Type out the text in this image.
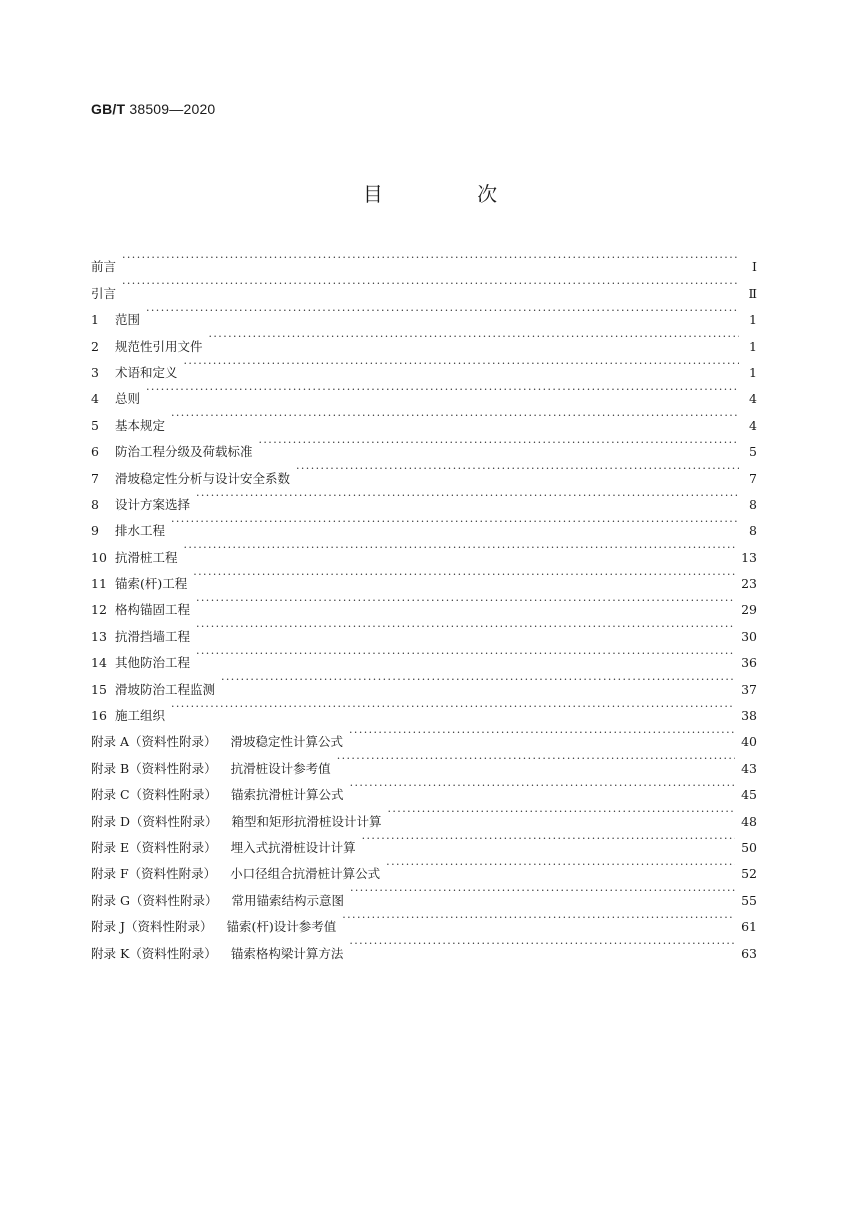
GB/T 38509—2020
目 次
前言 ·····	Ⅰ
引言 ·····	Ⅱ
1 范围 ·····	1
2 规范性引用文件 ·····	1
3 术语和定义 ·····	1
4 总则 ·····	4
5 基本规定 ·····	4
6 防治工程分级及荷载标准 ·····	5
7 滑坡稳定性分析与设计安全系数 ·····	7
8 设计方案选择 ·····	8
9 排水工程 ·····	8
10 抗滑桩工程 ·····	13
11 锚索(杆)工程 ·····	23
12 格构锚固工程 ·····	29
13 抗滑挡墙工程 ·····	30
14 其他防治工程 ·····	36
15 滑坡防治工程监测 ·····	37
16 施工组织 ·····	38
附录 A（资料性附录） 滑坡稳定性计算公式 ·····	40
附录 B（资料性附录） 抗滑桩设计参考值 ·····	43
附录 C（资料性附录） 锚索抗滑桩计算公式 ·····	45
附录 D（资料性附录） 箱型和矩形抗滑桩设计计算 ·····	48
附录 E（资料性附录） 埋入式抗滑桩设计计算 ·····	50
附录 F（资料性附录） 小口径组合抗滑桩计算公式 ·····	52
附录 G（资料性附录） 常用锚索结构示意图 ·····	55
附录 J（资料性附录） 锚索(杆)设计参考值 ·····	61
附录 K（资料性附录） 锚索格构梁计算方法 ·····	63
